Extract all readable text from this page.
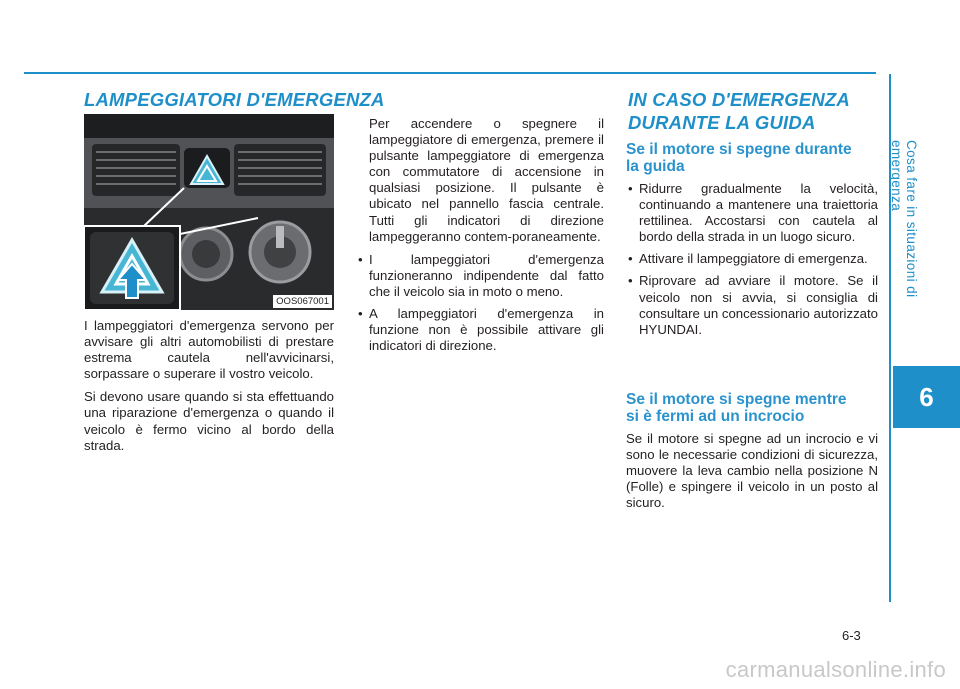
Cosa fare in situazioni di emergenza
6
LAMPEGGIATORI D'EMERGENZA
OOS067001

I lampeggiatori d'emergenza servono per avvisare gli altri automobilisti di prestare estrema cautela nell'avvicinarsi, sorpassare o superare il vostro veicolo.

Si devono usare quando si sta effettuando una riparazione d'emergenza o quando il veicolo è fermo vicino al bordo della strada.

Per accendere o spegnere il lampeggiatore di emergenza, premere il pulsante lampeggiatore di emergenza con commutatore di accensione in qualsiasi posizione. Il pulsante è ubicato nel pannello fascia centrale. Tutti gli indicatori di direzione lampeggeranno contem-poraneamente.

• I lampeggiatori d'emergenza funzioneranno indipendente dal fatto che il veicolo sia in moto o meno.
• A lampeggiatori d'emergenza in funzione non è possibile attivare gli indicatori di direzione.
IN CASO D'EMERGENZA
DURANTE LA GUIDA
Se il motore si spegne durante
la guida
• Ridurre gradualmente la velocità, continuando a mantenere una traiettoria rettilinea. Accostarsi con cautela al bordo della strada in un luogo sicuro.
• Attivare il lampeggiatore di emergenza.
• Riprovare ad avviare il motore. Se il veicolo non si avvia, si consiglia di consultare un concessionario autorizzato HYUNDAI.
Se il motore si spegne mentre
si è fermi ad un incrocio

Se il motore si spegne ad un incrocio e vi sono le necessarie condizioni di sicurezza, muovere la leva cambio nella posizione N (Folle) e spingere il veicolo in un posto al sicuro.

6-3
carmanualsonline.info
